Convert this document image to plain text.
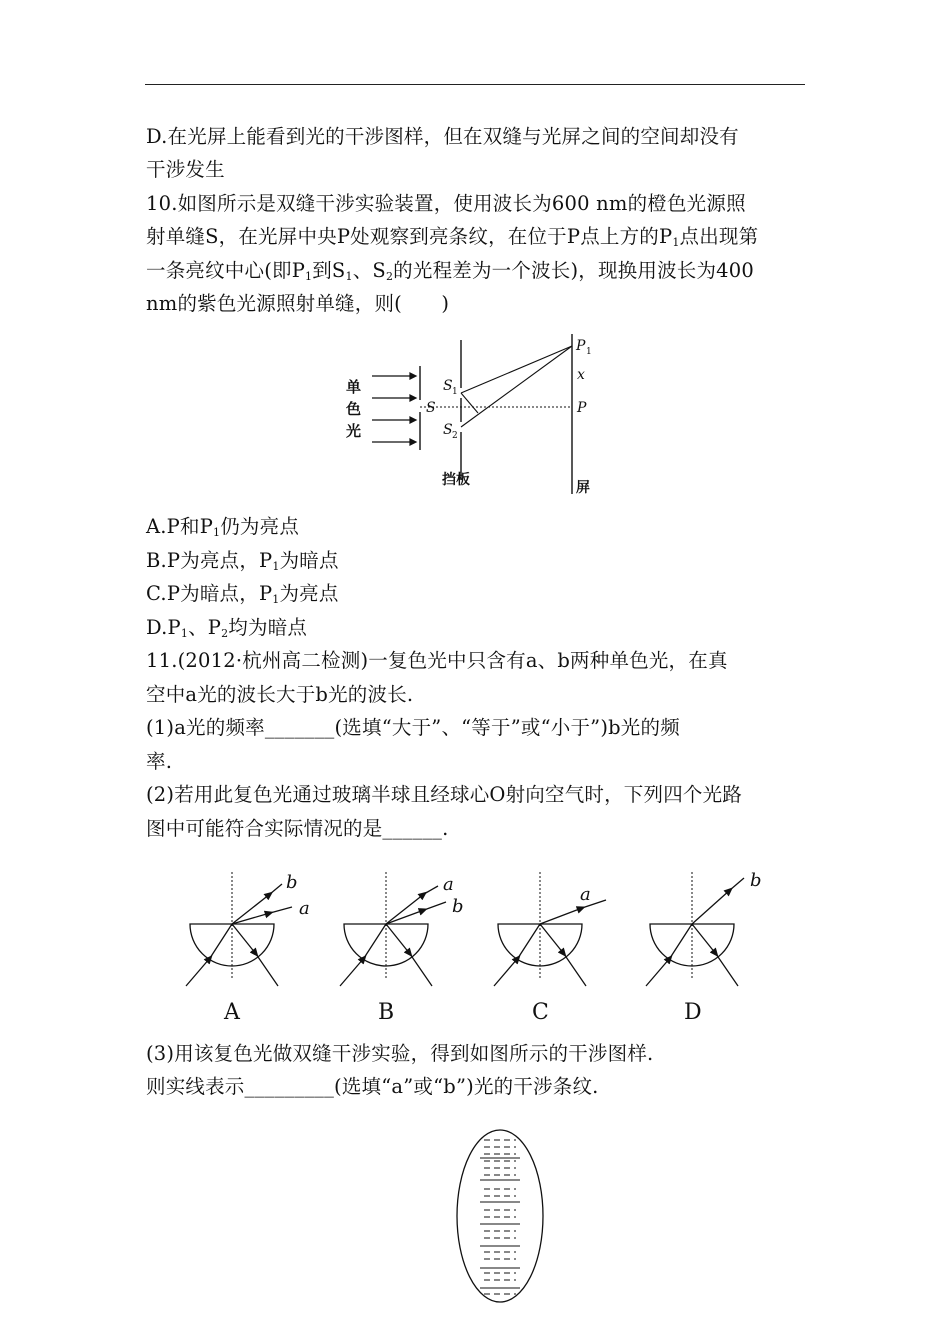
D.在光屏上能看到光的干涉图样，但在双缝与光屏之间的空间却没有
干涉发生
10.如图所示是双缝干涉实验装置，使用波长为600 nm的橙色光源照
射单缝S，在光屏中央P处观察到亮条纹，在位于P点上方的$P_1$点出现第
一条亮纹中心(即$P_1$到$S_1$、$S_2$的光程差为一个波长)，现换用波长为400
nm的紫色光源照射单缝，则(　　)
单
色
光
S
S 1
S 2
P 1
x
P
挡板	屏
A.P和$P_1$仍为亮点
B.P为亮点，$P_1$为暗点
C.P为暗点，$P_1$为亮点
$D.P_1$、$P_2$均为暗点
11.(2012·杭州高二检测)一复色光中只含有a、b两种单色光，在真
空中a光的波长大于b光的波长.
(1)a光的频率_______(选填“大于”、“等于”或“小于”)b光的频
率.
(2)若用此复色光通过玻璃半球且经球心O射向空气时，下列四个光路
图中可能符合实际情况的是______.
b
a
a
b
a
b
A	B	C	D
(3)用该复色光做双缝干涉实验，得到如图所示的干涉图样.
则实线表示_________(选填“a”或“b”)光的干涉条纹.
